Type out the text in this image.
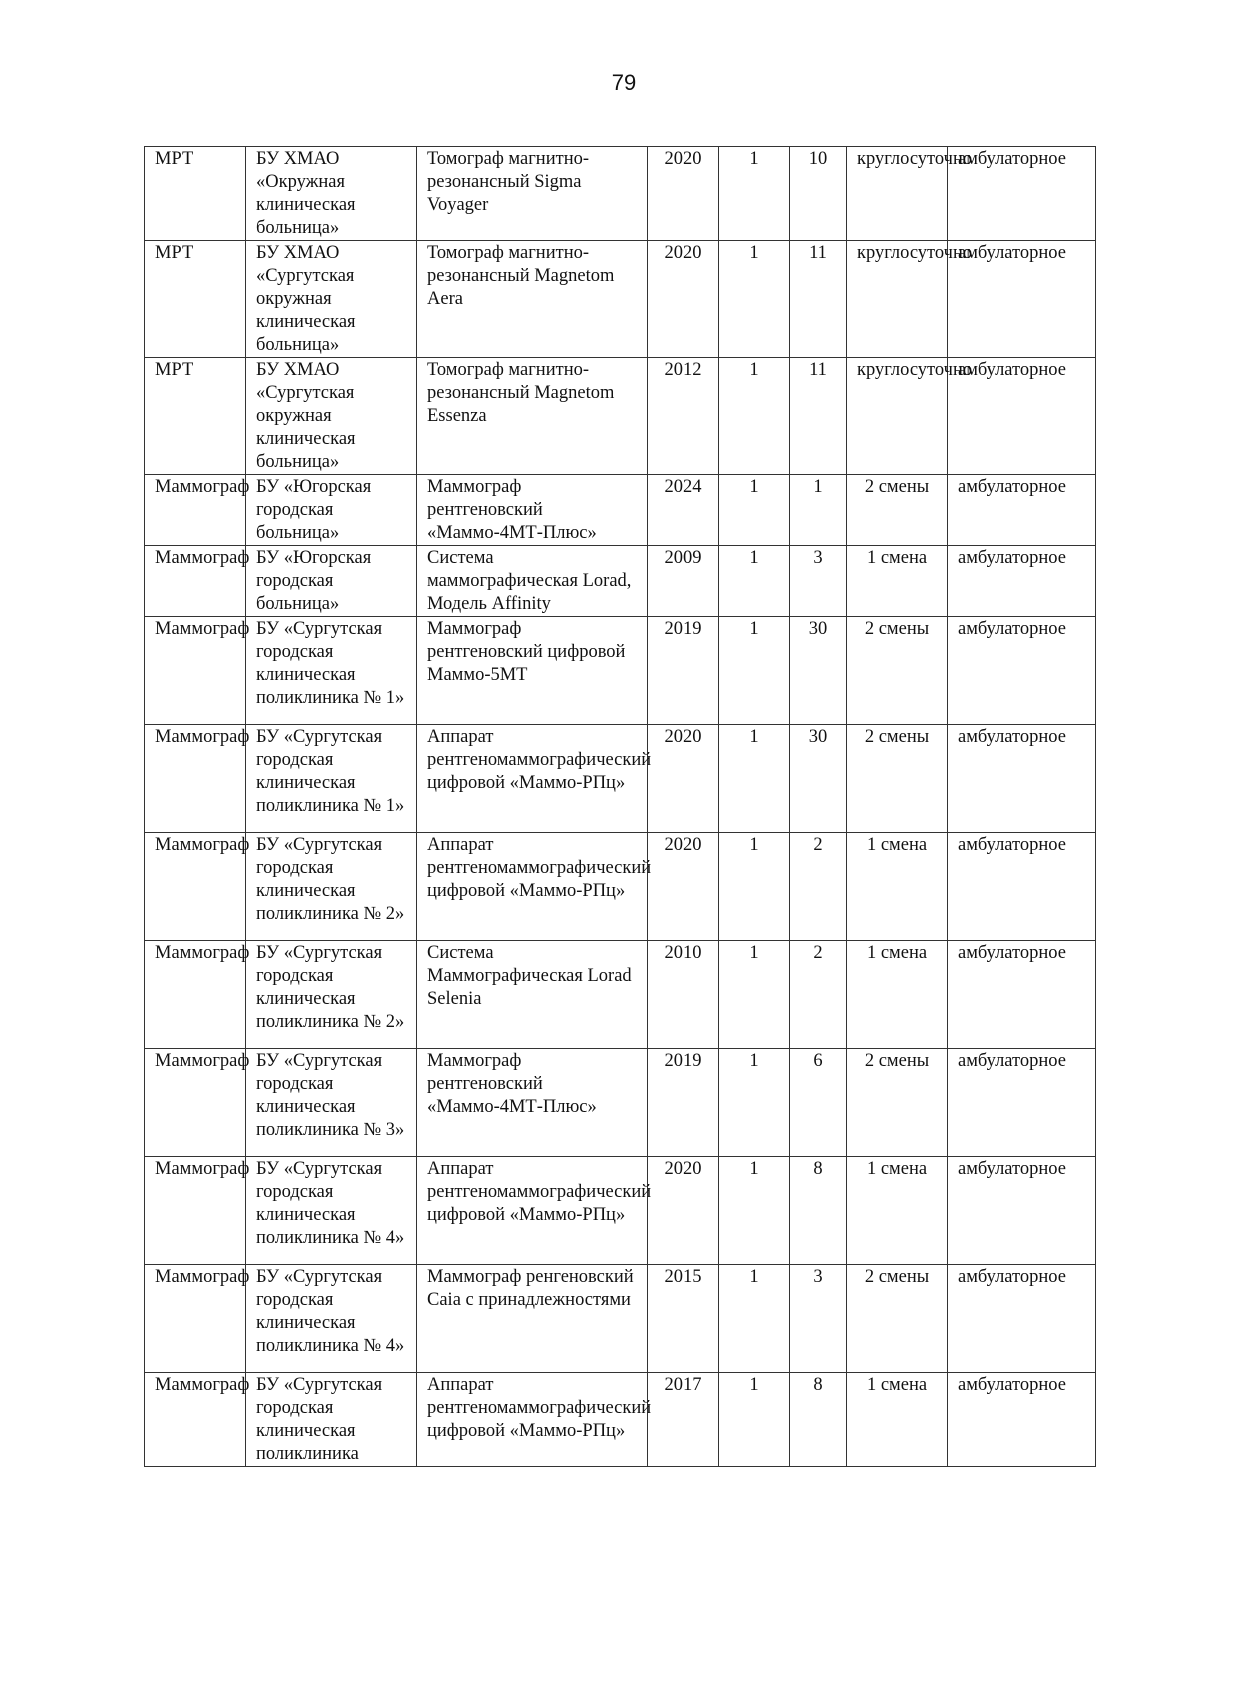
79
МРТ	БУ ХМАО «Окружная клиническая больница»	Томограф магнитно-резонансный Sigma Voyager	2020	1	10	круглосуточно	амбулаторное
МРТ	БУ ХМАО «Сургутская окружная клиническая больница»	Томограф магнитно-резонансный Magnetom Aera	2020	1	11	круглосуточно	амбулаторное
МРТ	БУ ХМАО «Сургутская окружная клиническая больница»	Томограф магнитно-резонансный Magnetom Essenza	2012	1	11	круглосуточно	амбулаторное
Маммограф	БУ «Югорская городская больница»	Маммограф рентгеновский «Маммо-4МТ-Плюс»	2024	1	1	2 смены	амбулаторное
Маммограф	БУ «Югорская городская больница»	Система маммографическая Lorad, Модель Affinity	2009	1	3	1 смена	амбулаторное
Маммограф	БУ «Сургутская городская клиническая поликлиника № 1»	Маммограф рентгеновский цифровой Маммо-5МТ	2019	1	30	2 смены	амбулаторное
Маммограф	БУ «Сургутская городская клиническая поликлиника № 1»	Аппарат рентгеномаммографический цифровой «Маммо-РПц»	2020	1	30	2 смены	амбулаторное
Маммограф	БУ «Сургутская городская клиническая поликлиника № 2»	Аппарат рентгеномаммографический цифровой «Маммо-РПц»	2020	1	2	1 смена	амбулаторное
Маммограф	БУ «Сургутская городская клиническая поликлиника № 2»	Система Маммографическая Lorad Selenia	2010	1	2	1 смена	амбулаторное
Маммограф	БУ «Сургутская городская клиническая поликлиника № 3»	Маммограф рентгеновский «Маммо-4МТ-Плюс»	2019	1	6	2 смены	амбулаторное
Маммограф	БУ «Сургутская городская клиническая поликлиника № 4»	Аппарат рентгеномаммографический цифровой «Маммо-РПц»	2020	1	8	1 смена	амбулаторное
Маммограф	БУ «Сургутская городская клиническая поликлиника № 4»	Маммограф ренгеновский Caia с принадлежностями	2015	1	3	2 смены	амбулаторное
Маммограф	БУ «Сургутская городская клиническая поликлиника	Аппарат рентгеномаммографический цифровой «Маммо-РПц»	2017	1	8	1 смена	амбулаторное
